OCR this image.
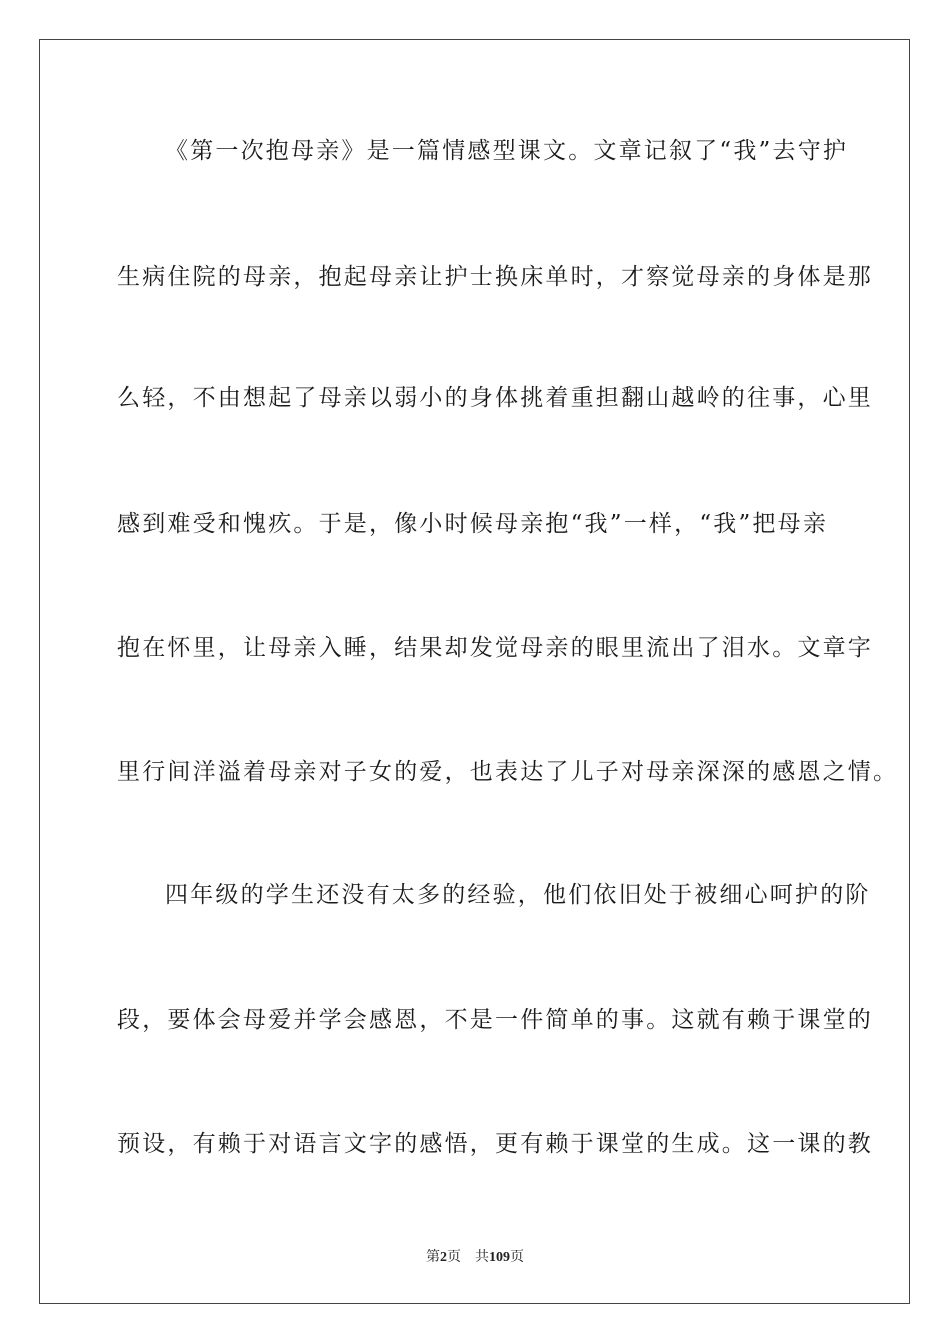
《第一次抱母亲》是一篇情感型课文。文章记叙了“我”去守护
生病住院的母亲，抱起母亲让护士换床单时，才察觉母亲的身体是那
么轻，不由想起了母亲以弱小的身体挑着重担翻山越岭的往事，心里
感到难受和愧疚。于是，像小时候母亲抱“我”一样，“我”把母亲
抱在怀里，让母亲入睡，结果却发觉母亲的眼里流出了泪水。文章字
里行间洋溢着母亲对子女的爱，也表达了儿子对母亲深深的感恩之情。
四年级的学生还没有太多的经验，他们依旧处于被细心呵护的阶
段，要体会母爱并学会感恩，不是一件简单的事。这就有赖于课堂的
预设，有赖于对语言文字的感悟，更有赖于课堂的生成。这一课的教
第2页 共109页
